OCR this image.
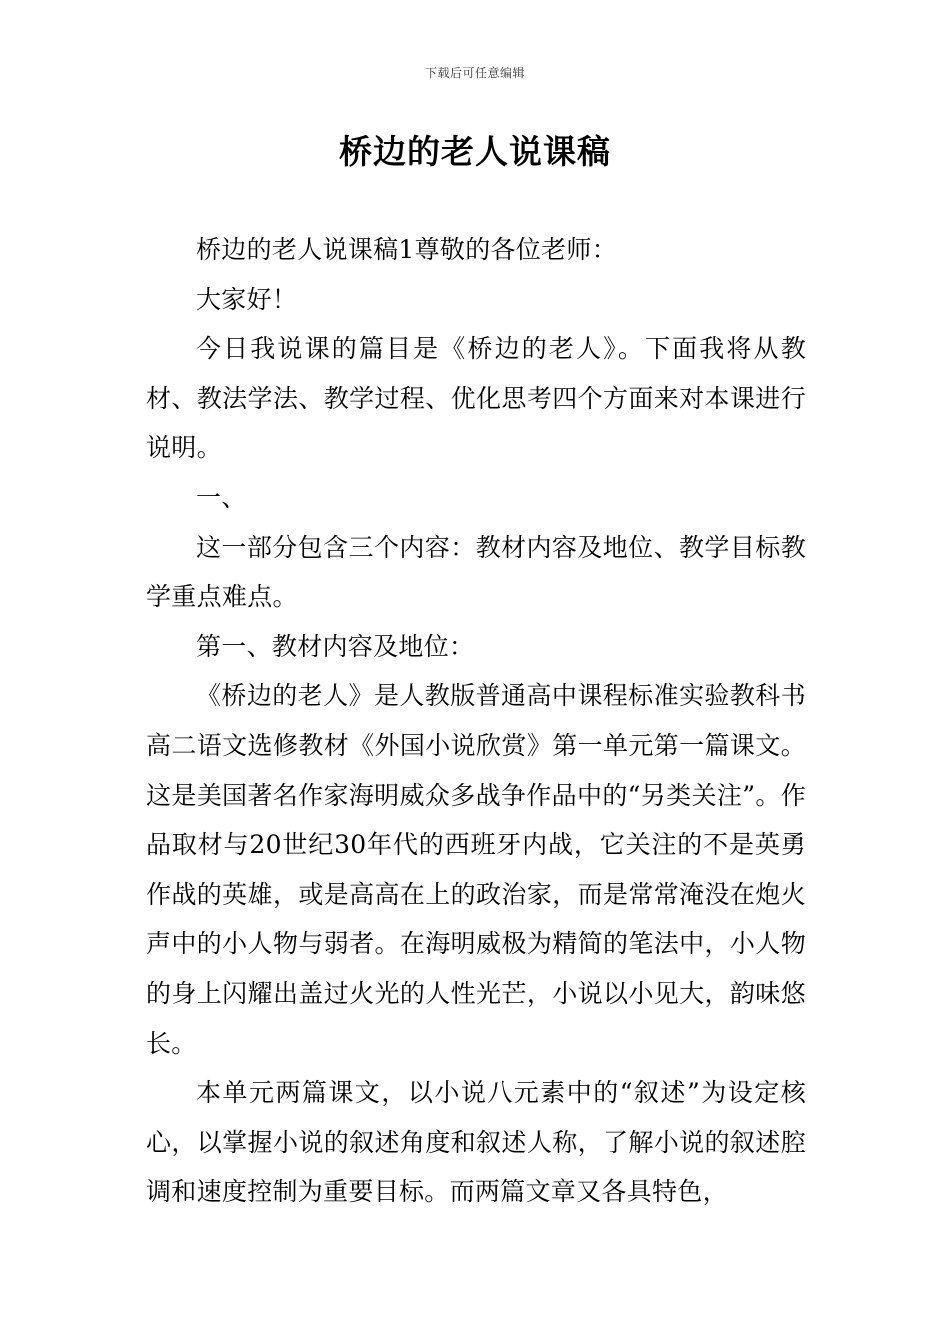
下载后可任意编辑
桥边的老人说课稿

桥边的老人说课稿1尊敬的各位老师：

大家好！

今日我说课的篇目是《桥边的老人》。下面我将从教材、教法学法、教学过程、优化思考四个方面来对本课进行说明。

一、

这一部分包含三个内容：教材内容及地位、教学目标教学重点难点。

第一、教材内容及地位：

《桥边的老人》是人教版普通高中课程标准实验教科书高二语文选修教材《外国小说欣赏》第一单元第一篇课文。这是美国著名作家海明威众多战争作品中的“另类关注”。作品取材与20世纪30年代的西班牙内战，它关注的不是英勇作战的英雄，或是高高在上的政治家，而是常常淹没在炮火声中的小人物与弱者。在海明威极为精简的笔法中，小人物的身上闪耀出盖过火光的人性光芒，小说以小见大，韵味悠长。

本单元两篇课文，以小说八元素中的“叙述”为设定核心，以掌握小说的叙述角度和叙述人称，了解小说的叙述腔调和速度控制为重要目标。而两篇文章又各具特色，
